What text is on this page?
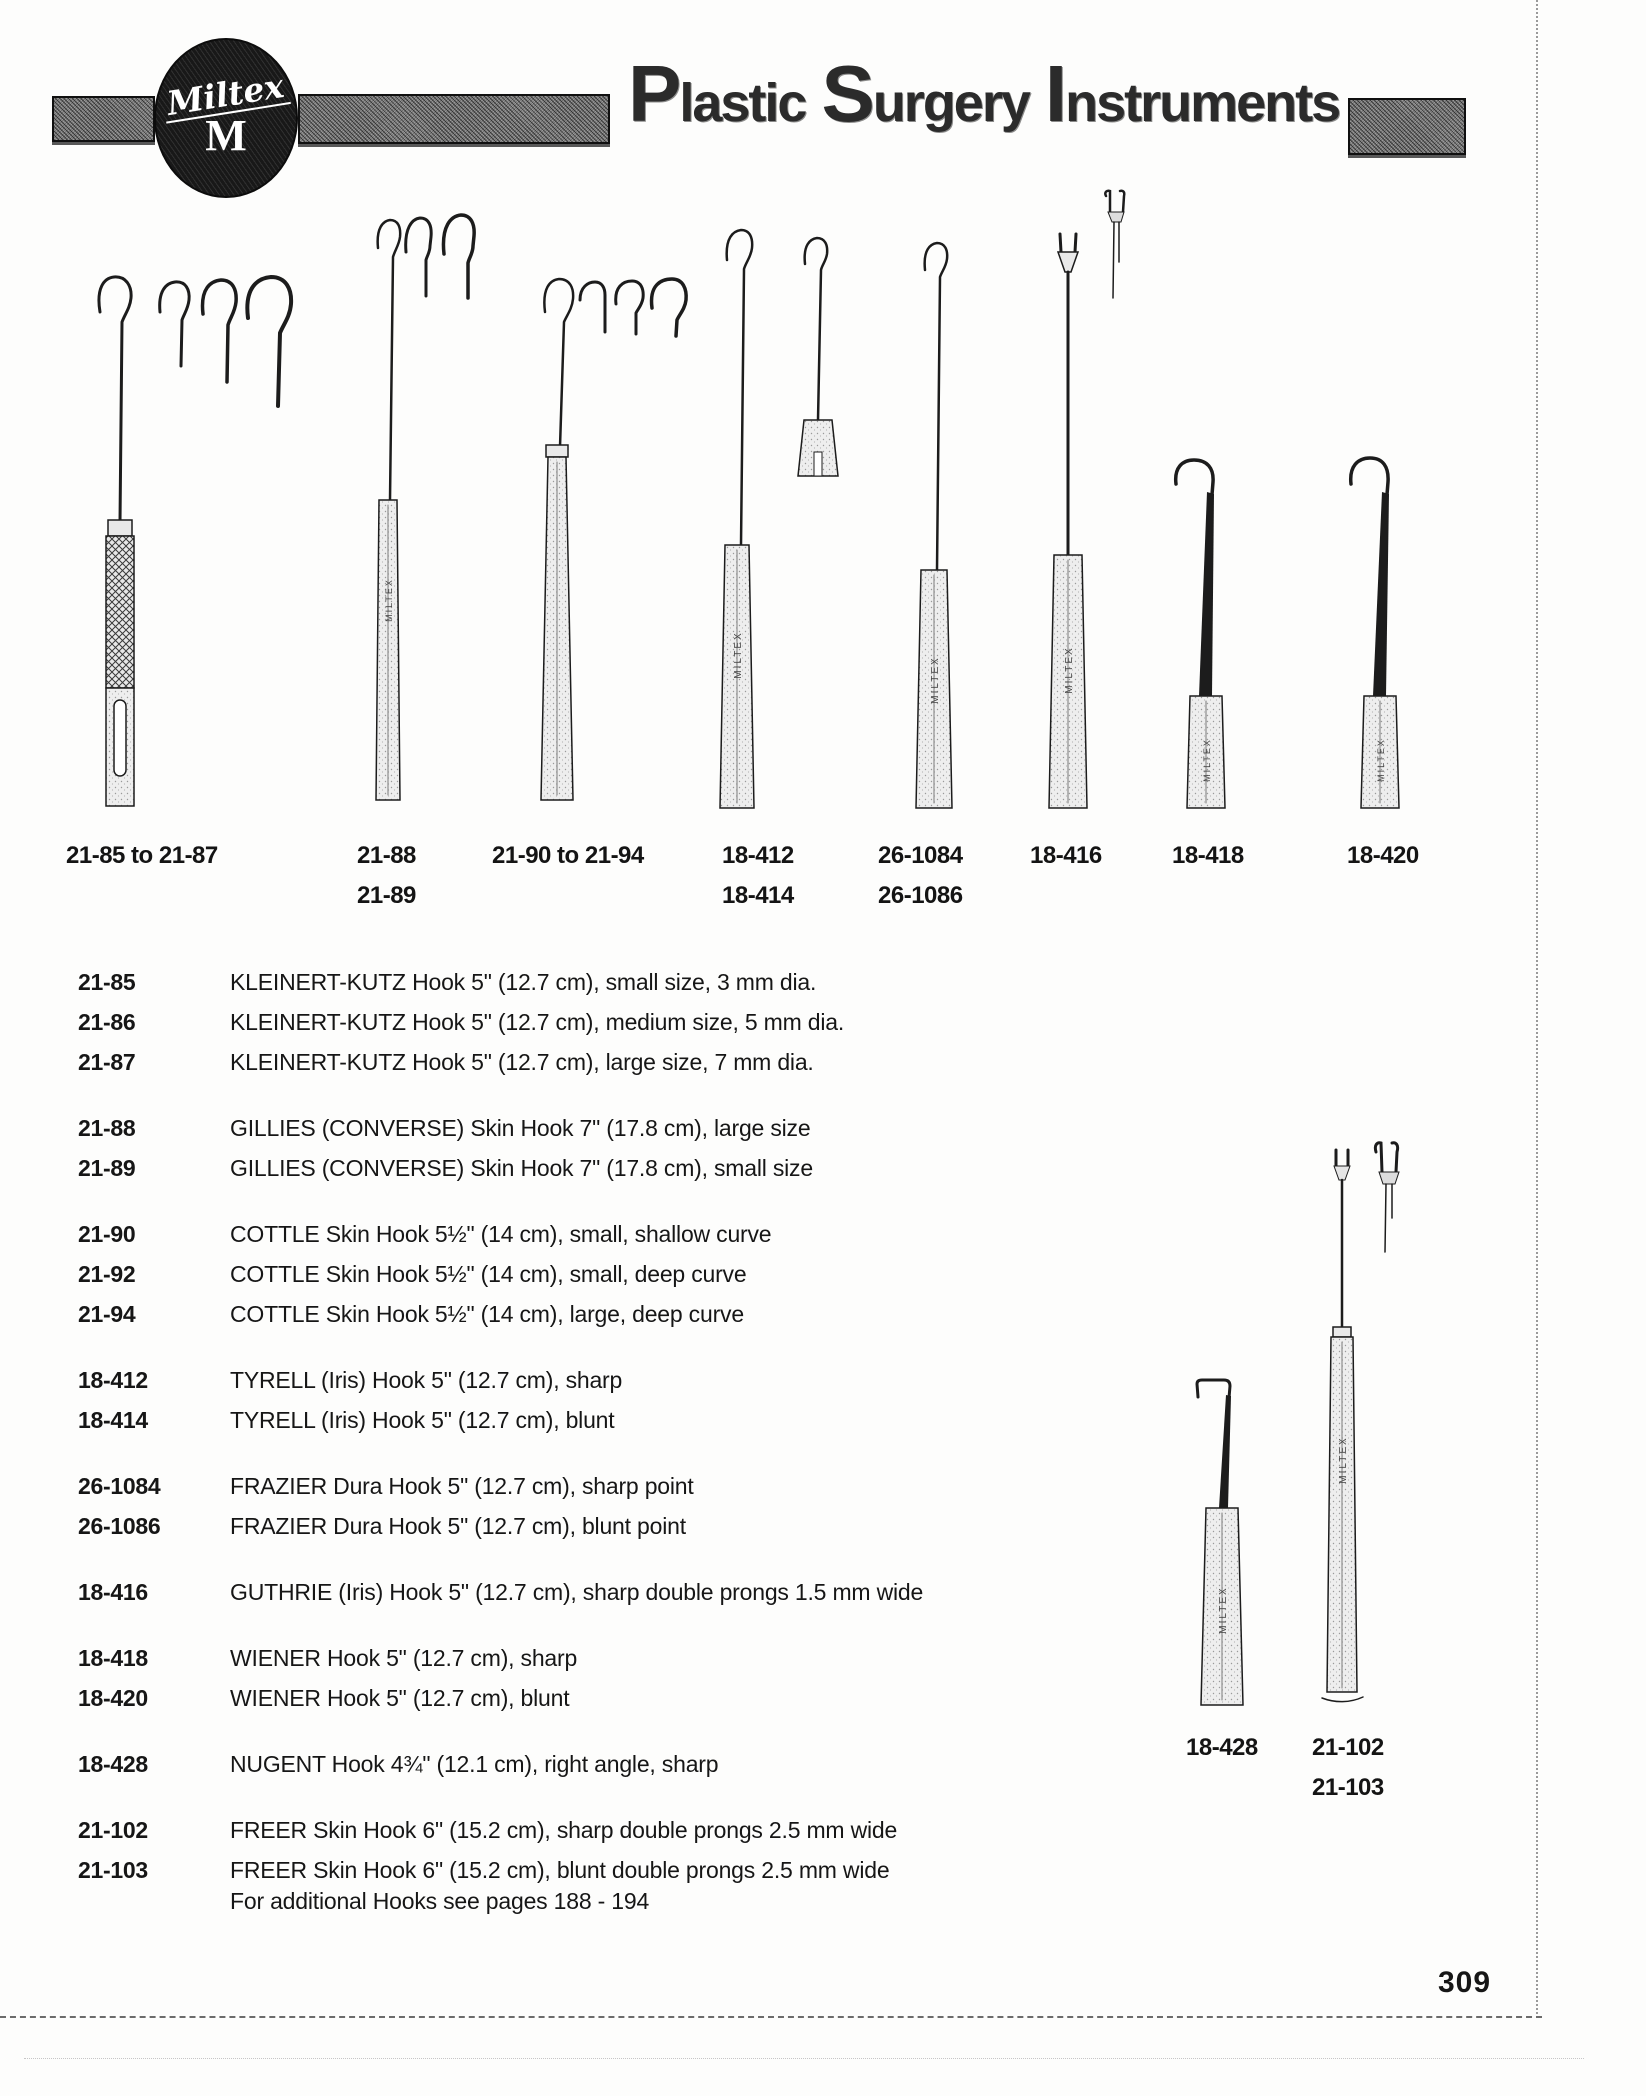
Miltex
M	P lastic S urgery I nstruments
MILTEX
MILTEX
MILTEX	MILTEX
MILTEX	MILTEX
21-85 to 21-87	21-88
21-89
21-90 to 21-94	18-412
18-414
26-1084
26-1086
18-416	18-418	18-420
21-85	KLEINERT-KUTZ Hook 5" (12.7 cm), small size, 3 mm dia.
21-86	KLEINERT-KUTZ Hook 5" (12.7 cm), medium size, 5 mm dia.
21-87	KLEINERT-KUTZ Hook 5" (12.7 cm), large size, 7 mm dia.
21-88	GILLIES (CONVERSE) Skin Hook 7" (17.8 cm), large size
21-89	GILLIES (CONVERSE) Skin Hook 7" (17.8 cm), small size
21-90	COTTLE Skin Hook 5½" (14 cm), small, shallow curve
21-92	COTTLE Skin Hook 5½" (14 cm), small, deep curve
21-94	COTTLE Skin Hook 5½" (14 cm), large, deep curve
18-412	TYRELL (Iris) Hook 5" (12.7 cm), sharp
18-414	TYRELL (Iris) Hook 5" (12.7 cm), blunt
26-1084	FRAZIER Dura Hook 5" (12.7 cm), sharp point
26-1086	FRAZIER Dura Hook 5" (12.7 cm), blunt point
18-416	GUTHRIE (Iris) Hook 5" (12.7 cm), sharp double prongs 1.5 mm wide
18-418	WIENER Hook 5" (12.7 cm), sharp
18-420	WIENER Hook 5" (12.7 cm), blunt
18-428	NUGENT Hook 4¾" (12.1 cm), right angle, sharp
21-102	FREER Skin Hook 6" (15.2 cm), sharp double prongs 2.5 mm wide
21-103	FREER Skin Hook 6" (15.2 cm), blunt double prongs 2.5 mm wide
MILTEX
MILTEX
18-428 21-102
21-103
For additional Hooks see pages 188 - 194
309
